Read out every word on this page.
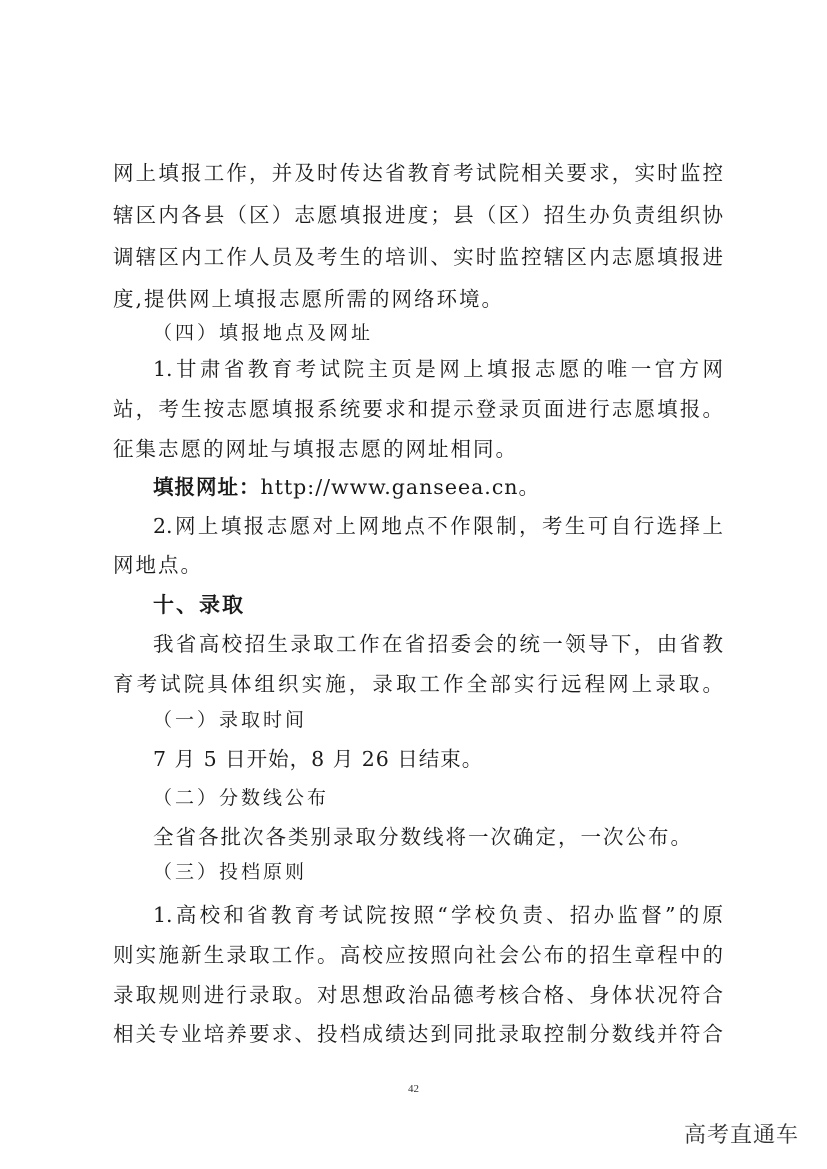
网上填报工作，并及时传达省教育考试院相关要求，实时监控
辖区内各县（区）志愿填报进度；县（区）招生办负责组织协
调辖区内工作人员及考生的培训、实时监控辖区内志愿填报进
度,提供网上填报志愿所需的网络环境。
（四）填报地点及网址
1.甘肃省教育考试院主页是网上填报志愿的唯一官方网
站，考生按志愿填报系统要求和提示登录页面进行志愿填报。
征集志愿的网址与填报志愿的网址相同。
填报网址：http://www.ganseea.cn。
2.网上填报志愿对上网地点不作限制，考生可自行选择上
网地点。
十、录取
我省高校招生录取工作在省招委会的统一领导下，由省教
育考试院具体组织实施，录取工作全部实行远程网上录取。
（一）录取时间
7 月 5 日开始，8 月 26 日结束。
（二）分数线公布
全省各批次各类别录取分数线将一次确定，一次公布。
（三）投档原则
1.高校和省教育考试院按照“学校负责、招办监督”的原
则实施新生录取工作。高校应按照向社会公布的招生章程中的
录取规则进行录取。对思想政治品德考核合格、身体状况符合
相关专业培养要求、投档成绩达到同批录取控制分数线并符合
42
高考直通车
